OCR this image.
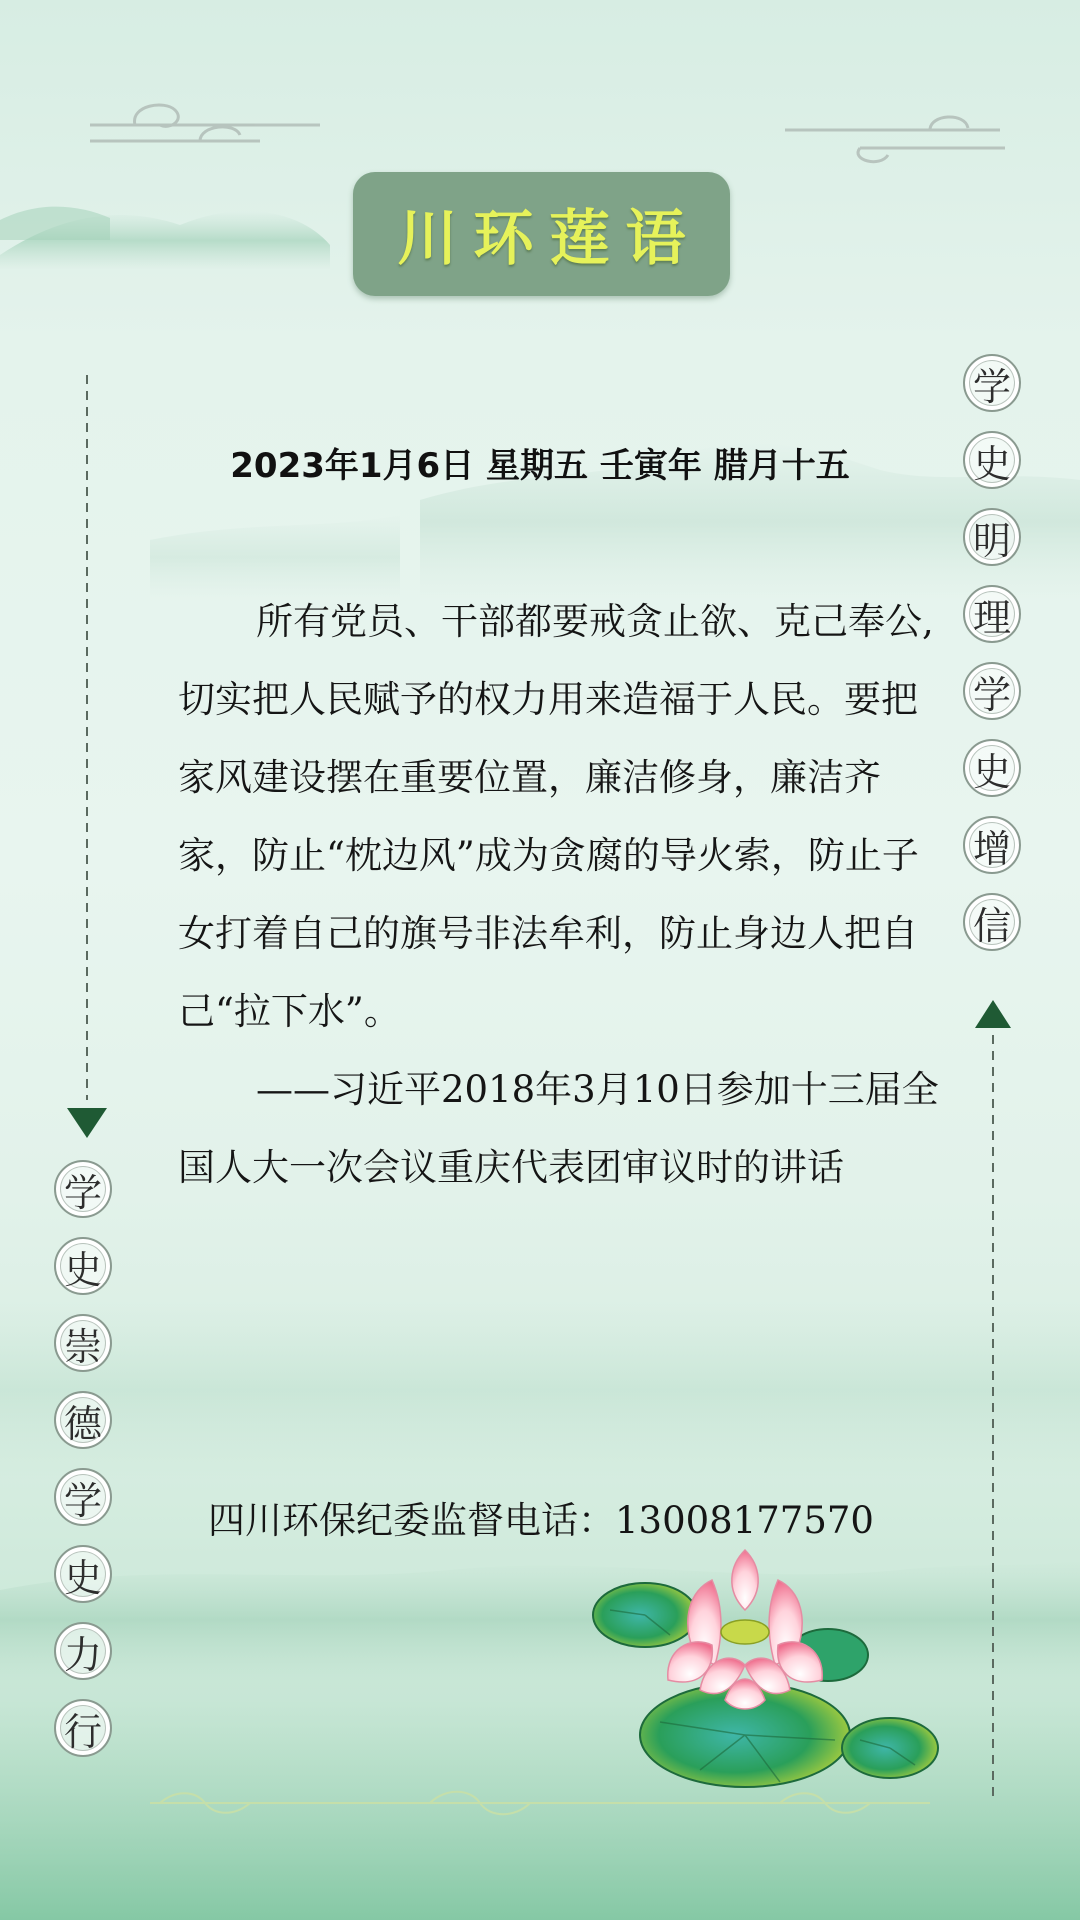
川环莲语
2023年1月6日 星期五 壬寅年 腊月十五

所有党员、干部都要戒贪止欲、克己奉公,切实把人民赋予的权力用来造福于人民。要把家风建设摆在重要位置，廉洁修身，廉洁齐家，防止“枕边风”成为贪腐的导火索，防止子女打着自己的旗号非法牟利，防止身边人把自己“拉下水”。

——习近平2018年3月10日参加十三届全国人大一次会议重庆代表团审议时的讲话

四川环保纪委监督电话：13008177570
学
史
明
理
学
史
增
信
学
史
崇
德
学
史
力
行
